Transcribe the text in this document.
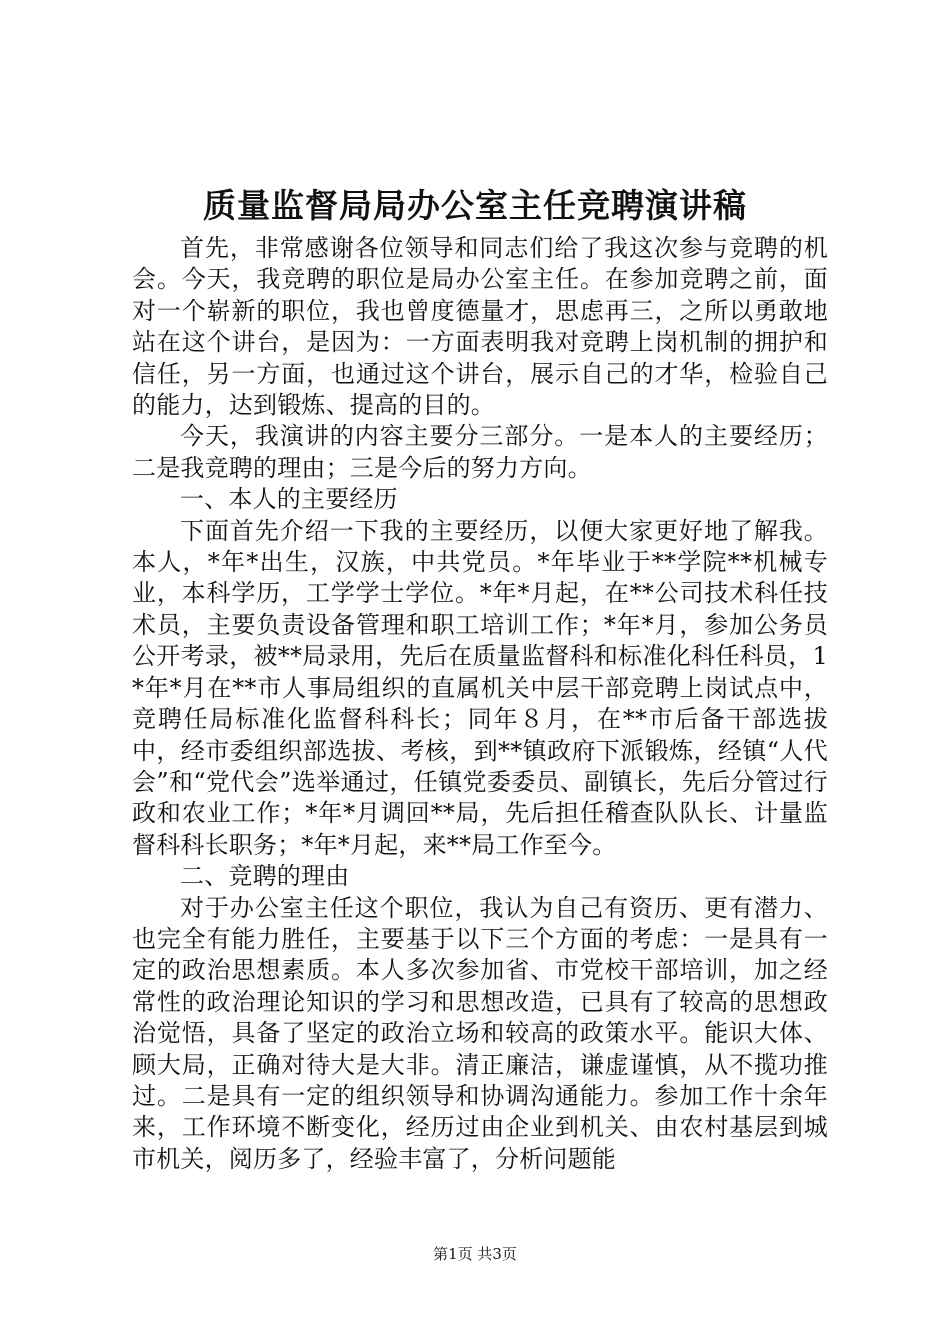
质量监督局局办公室主任竞聘演讲稿

首先，非常感谢各位领导和同志们给了我这次参与竞聘的机会。今天，我竞聘的职位是局办公室主任。在参加竞聘之前，面对一个崭新的职位，我也曾度德量才，思虑再三，之所以勇敢地站在这个讲台，是因为：一方面表明我对竞聘上岗机制的拥护和信任，另一方面，也通过这个讲台，展示自己的才华，检验自己的能力，达到锻炼、提高的目的。

今天，我演讲的内容主要分三部分。一是本人的主要经历；二是我竞聘的理由；三是今后的努力方向。

一、本人的主要经历

下面首先介绍一下我的主要经历，以便大家更好地了解我。本人，*年*出生，汉族，中共党员。*年毕业于**学院**机械专业，本科学历，工学学士学位。*年*月起，在**公司技术科任技术员，主要负责设备管理和职工培训工作；*年*月，参加公务员公开考录，被**局录用，先后在质量监督科和标准化科任科员，1*年*月在**市人事局组织的直属机关中层干部竞聘上岗试点中，竞聘任局标准化监督科科长；同年８月，在**市后备干部选拔中，经市委组织部选拔、考核，到**镇政府下派锻炼，经镇“人代会”和“党代会”选举通过，任镇党委委员、副镇长，先后分管过行政和农业工作；*年*月调回**局，先后担任稽查队队长、计量监督科科长职务；*年*月起，来**局工作至今。

二、竞聘的理由

对于办公室主任这个职位，我认为自己有资历、更有潜力、也完全有能力胜任，主要基于以下三个方面的考虑：一是具有一定的政治思想素质。本人多次参加省、市党校干部培训，加之经常性的政治理论知识的学习和思想改造，已具有了较高的思想政治觉悟，具备了坚定的政治立场和较高的政策水平。能识大体、顾大局，正确对待大是大非。清正廉洁，谦虚谨慎，从不揽功推过。二是具有一定的组织领导和协调沟通能力。参加工作十余年来，工作环境不断变化，经历过由企业到机关、由农村基层到城市机关，阅历多了，经验丰富了，分析问题能

第1页 共3页
